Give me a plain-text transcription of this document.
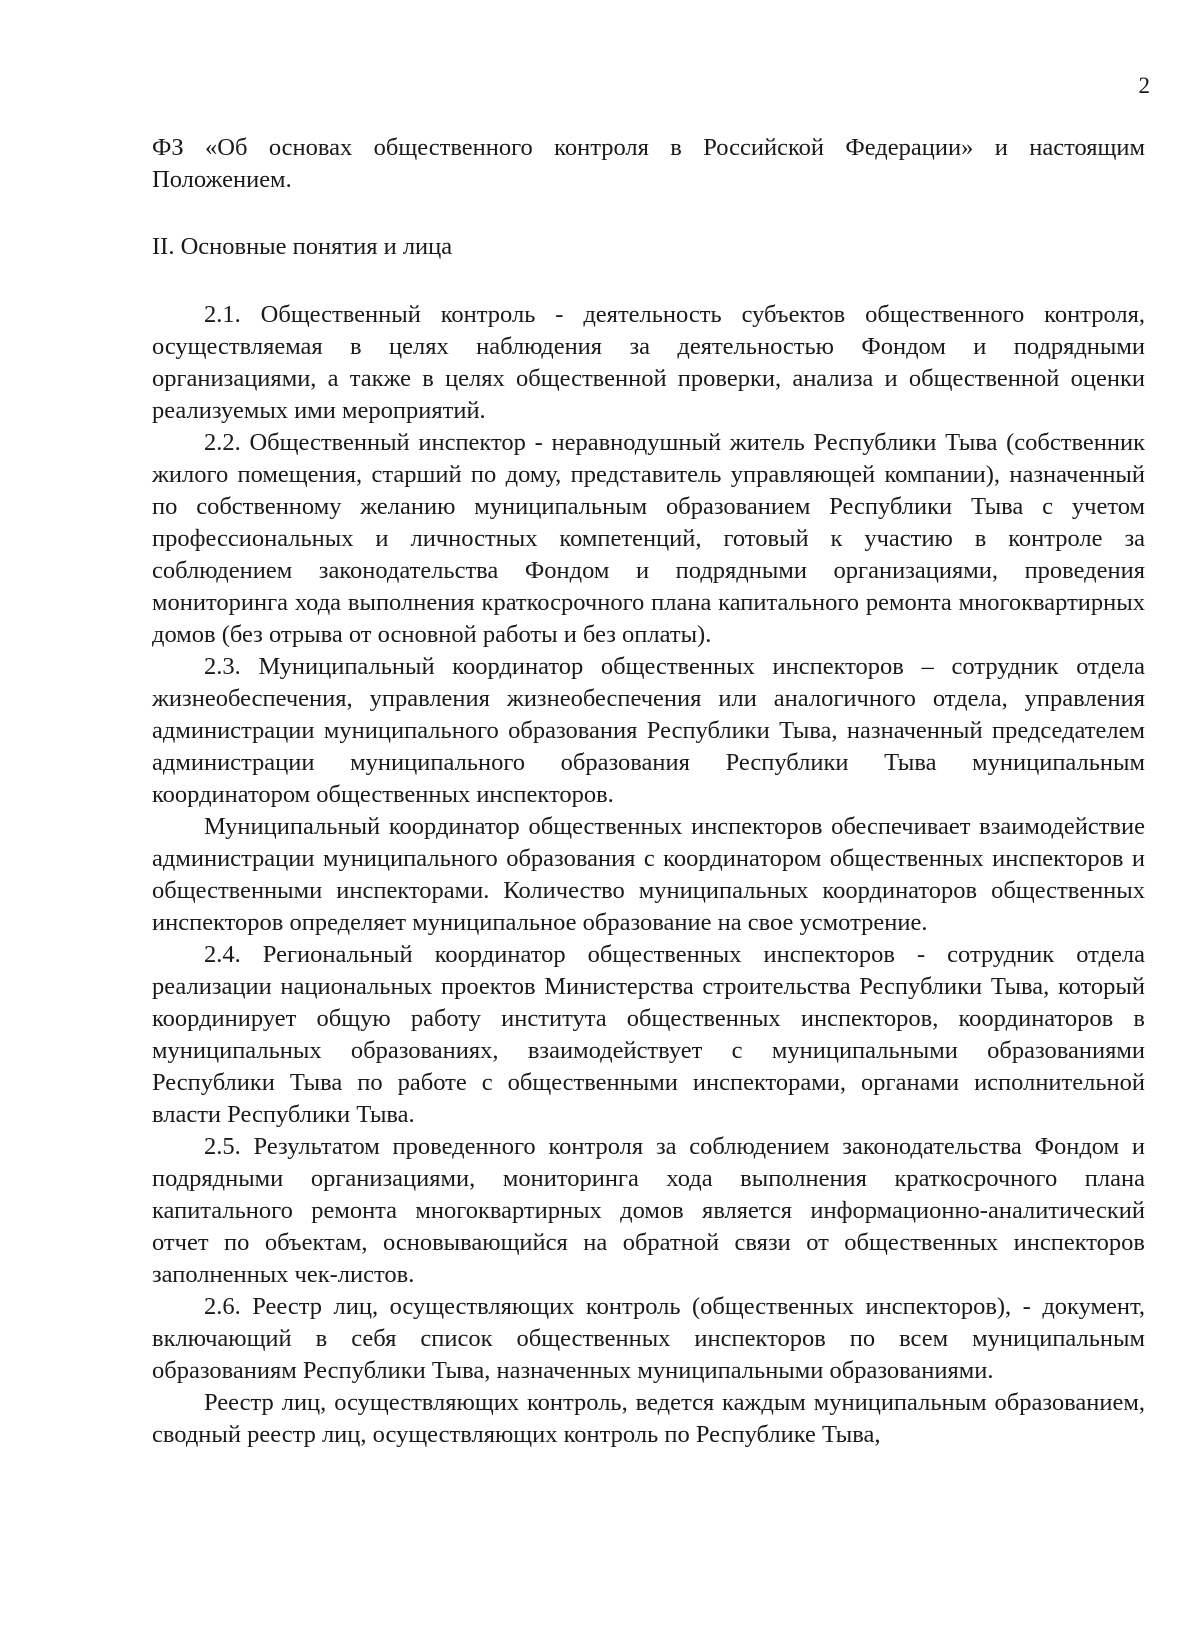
2

ФЗ «Об основах общественного контроля в Российской Федерации» и настоящим Положением.

II. Основные понятия и лица

2.1. Общественный контроль - деятельность субъектов общественного контроля, осуществляемая в целях наблюдения за деятельностью Фондом и подрядными организациями, а также в целях общественной проверки, анализа и общественной оценки реализуемых ими мероприятий.

2.2. Общественный инспектор - неравнодушный житель Республики Тыва (собственник жилого помещения, старший по дому, представитель управляющей компании), назначенный по собственному желанию муниципальным образованием Республики Тыва с учетом профессиональных и личностных компетенций, готовый к участию в контроле за соблюдением законодательства Фондом и подрядными организациями, проведения мониторинга хода выполнения краткосрочного плана капитального ремонта многоквартирных домов (без отрыва от основной работы и без оплаты).

2.3. Муниципальный координатор общественных инспекторов – сотрудник отдела жизнеобеспечения, управления жизнеобеспечения или аналогичного отдела, управления администрации муниципального образования Республики Тыва, назначенный председателем администрации муниципального образования Республики Тыва муниципальным координатором общественных инспекторов.

Муниципальный координатор общественных инспекторов обеспечивает взаимодействие администрации муниципального образования с координатором общественных инспекторов и общественными инспекторами. Количество муниципальных координаторов общественных инспекторов определяет муниципальное образование на свое усмотрение.

2.4. Региональный координатор общественных инспекторов - сотрудник отдела реализации национальных проектов Министерства строительства Республики Тыва, который координирует общую работу института общественных инспекторов, координаторов в муниципальных образованиях, взаимодействует с муниципальными образованиями Республики Тыва по работе с общественными инспекторами, органами исполнительной власти Республики Тыва.

2.5. Результатом проведенного контроля за соблюдением законодательства Фондом и подрядными организациями, мониторинга хода выполнения краткосрочного плана капитального ремонта многоквартирных домов является информационно-аналитический отчет по объектам, основывающийся на обратной связи от общественных инспекторов заполненных чек-листов.

2.6. Реестр лиц, осуществляющих контроль (общественных инспекторов), - документ, включающий в себя список общественных инспекторов по всем муниципальным образованиям Республики Тыва, назначенных муниципальными образованиями.

Реестр лиц, осуществляющих контроль, ведется каждым муниципальным образованием, сводный реестр лиц, осуществляющих контроль по Республике Тыва,
